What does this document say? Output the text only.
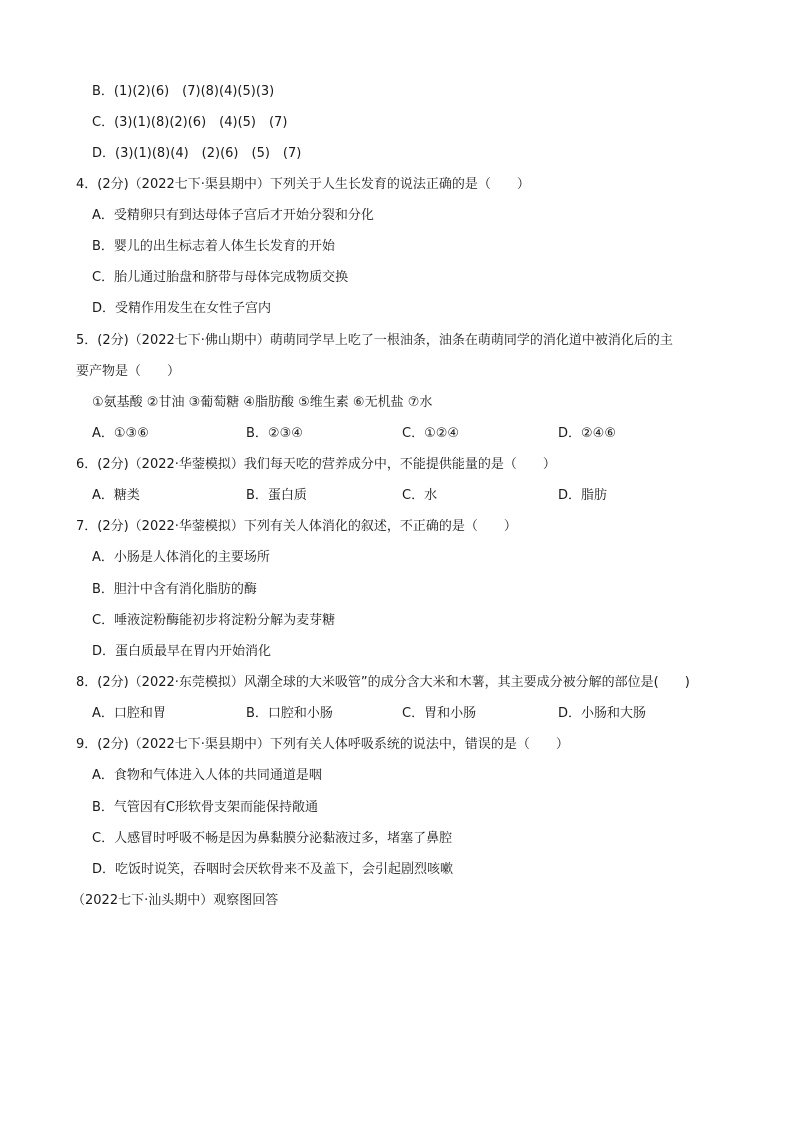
B．(1)(2)(6)　(7)(8)(4)(5)(3)
C．(3)(1)(8)(2)(6)　(4)(5)　(7)
D．(3)(1)(8)(4)　(2)(6)　(5)　(7)
4．(2分)（2022七下·渠县期中）下列关于人生长发育的说法正确的是（　　）
A．受精卵只有到达母体子宫后才开始分裂和分化
B．婴儿的出生标志着人体生长发育的开始
C．胎儿通过胎盘和脐带与母体完成物质交换
D．受精作用发生在女性子宫内
5．(2分)（2022七下·佛山期中）萌萌同学早上吃了一根油条，油条在萌萌同学的消化道中被消化后的主
要产物是（　　）
①氨基酸 ②甘油 ③葡萄糖 ④脂肪酸 ⑤维生素 ⑥无机盐 ⑦水
A．①③⑥	B．②③④	C．①②④	D．②④⑥
6．(2分)（2022·华蓥模拟）我们每天吃的营养成分中，不能提供能量的是（　　）
A．糖类	B．蛋白质	C．水	D．脂肪
7．(2分)（2022·华蓥模拟）下列有关人体消化的叙述，不正确的是（　　）
A．小肠是人体消化的主要场所
B．胆汁中含有消化脂肪的酶
C．唾液淀粉酶能初步将淀粉分解为麦芽糖
D．蛋白质最早在胃内开始消化
8．(2分)（2022·东莞模拟）风潮全球的大米吸管”的成分含大米和木薯，其主要成分被分解的部位是(　　)
A．口腔和胃	B．口腔和小肠	C．胃和小肠	D．小肠和大肠
9．(2分)（2022七下·渠县期中）下列有关人体呼吸系统的说法中，错误的是（　　）
A．食物和气体进入人体的共同通道是咽
B．气管因有C形软骨支架而能保持敞通
C．人感冒时呼吸不畅是因为鼻黏膜分泌黏液过多，堵塞了鼻腔
D．吃饭时说笑，吞咽时会厌软骨来不及盖下，会引起剧烈咳嗽
（2022七下·汕头期中）观察图回答
